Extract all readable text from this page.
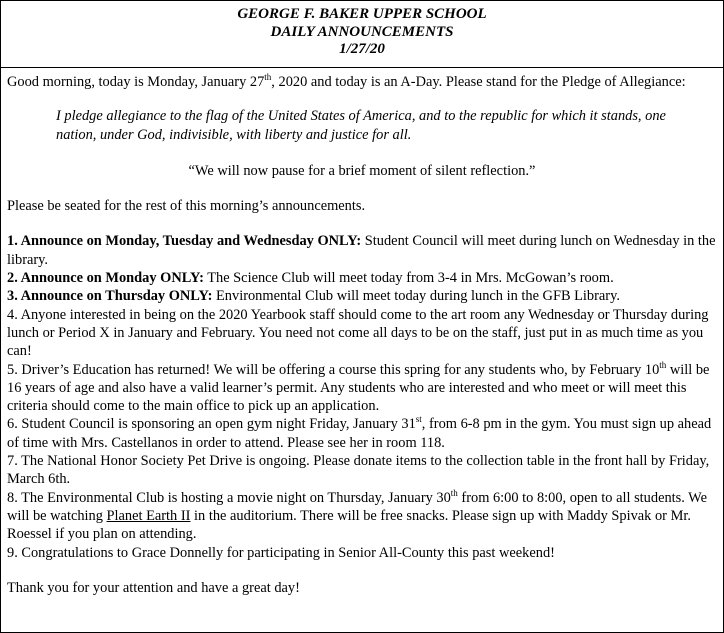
GEORGE F. BAKER UPPER SCHOOL
DAILY ANNOUNCEMENTS
1/27/20

Good morning, today is Monday, January 27th, 2020 and today is an A-Day. Please stand for the Pledge of Allegiance:

I pledge allegiance to the flag of the United States of America, and to the republic for which it stands, one nation, under God, indivisible, with liberty and justice for all.

“We will now pause for a brief moment of silent reflection.”

Please be seated for the rest of this morning’s announcements.

1. Announce on Monday, Tuesday and Wednesday ONLY: Student Council will meet during lunch on Wednesday in the library.

2. Announce on Monday ONLY: The Science Club will meet today from 3-4 in Mrs. McGowan’s room.

3. Announce on Thursday ONLY: Environmental Club will meet today during lunch in the GFB Library.

4. Anyone interested in being on the 2020 Yearbook staff should come to the art room any Wednesday or Thursday during lunch or Period X in January and February. You need not come all days to be on the staff, just put in as much time as you can!

5. Driver’s Education has returned! We will be offering a course this spring for any students who, by February 10th will be 16 years of age and also have a valid learner’s permit. Any students who are interested and who meet or will meet this criteria should come to the main office to pick up an application.

6. Student Council is sponsoring an open gym night Friday, January 31st, from 6-8 pm in the gym. You must sign up ahead of time with Mrs. Castellanos in order to attend. Please see her in room 118.

7. The National Honor Society Pet Drive is ongoing. Please donate items to the collection table in the front hall by Friday, March 6th.

8. The Environmental Club is hosting a movie night on Thursday, January 30th from 6:00 to 8:00, open to all students. We will be watching Planet Earth II in the auditorium. There will be free snacks. Please sign up with Maddy Spivak or Mr. Roessel if you plan on attending.

9. Congratulations to Grace Donnelly for participating in Senior All-County this past weekend!

Thank you for your attention and have a great day!
